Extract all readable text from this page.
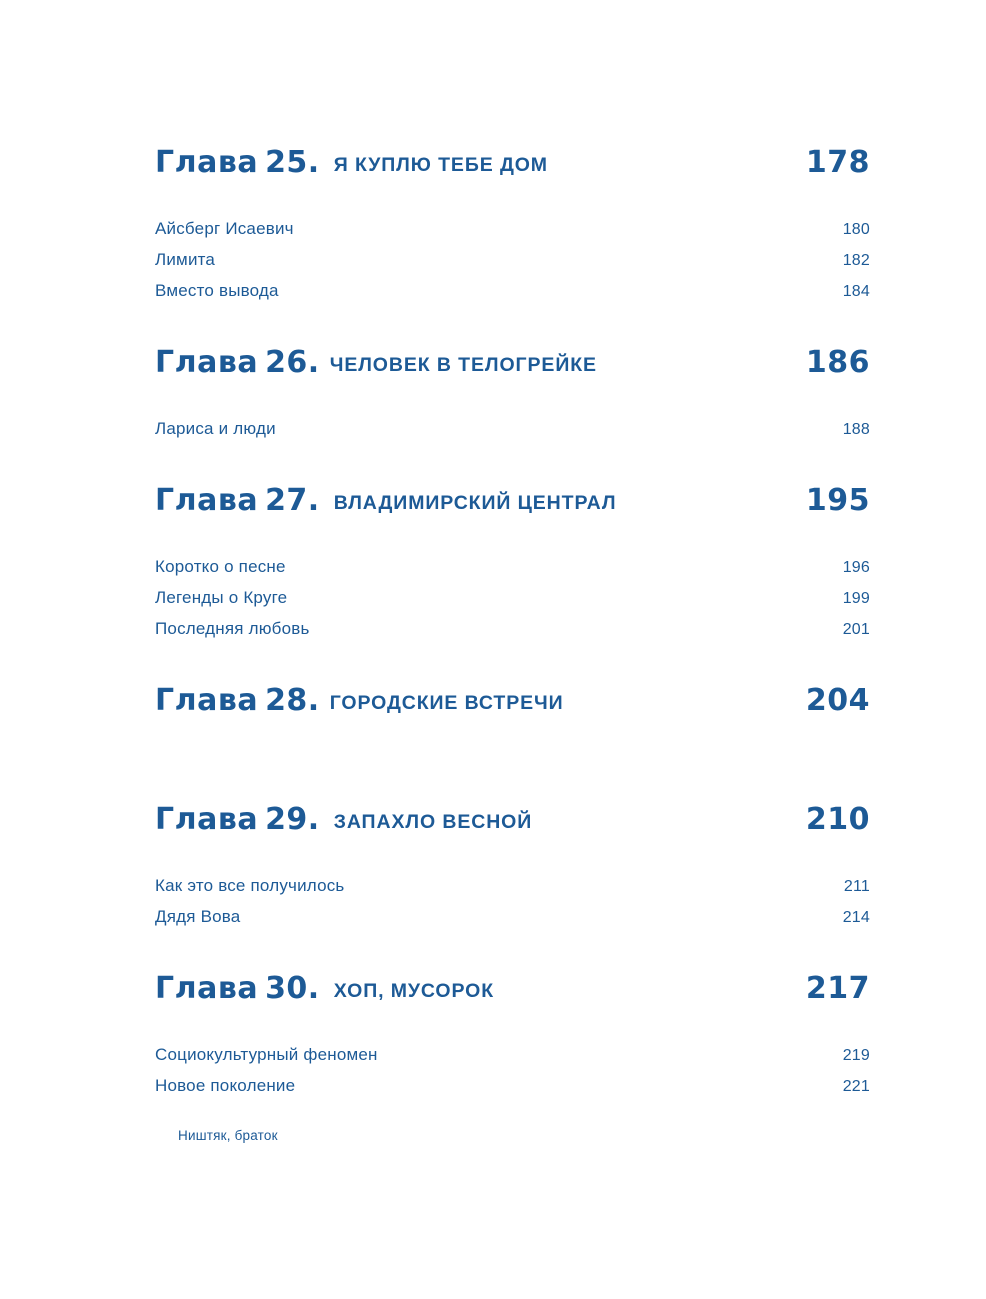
Глава 25. Я КУПЛЮ ТЕБЕ ДОМ	178
Айсберг Исаевич	180
Лимита	182
Вместо вывода	184
Глава 26. ЧЕЛОВЕК В ТЕЛОГРЕЙКЕ	186
Лариса и люди	188
Глава 27. ВЛАДИМИРСКИЙ ЦЕНТРАЛ	195
Коротко о песне	196
Легенды о Круге	199
Последняя любовь	201
Глава 28. ГОРОДСКИЕ ВСТРЕЧИ	204
Глава 29. ЗАПАХЛО ВЕСНОЙ	210
Как это все получилось	211
Дядя Вова	214
Глава 30. ХОП, МУСОРОК	217
Социокультурный феномен	219
Новое поколение	221
Ништяк, браток
